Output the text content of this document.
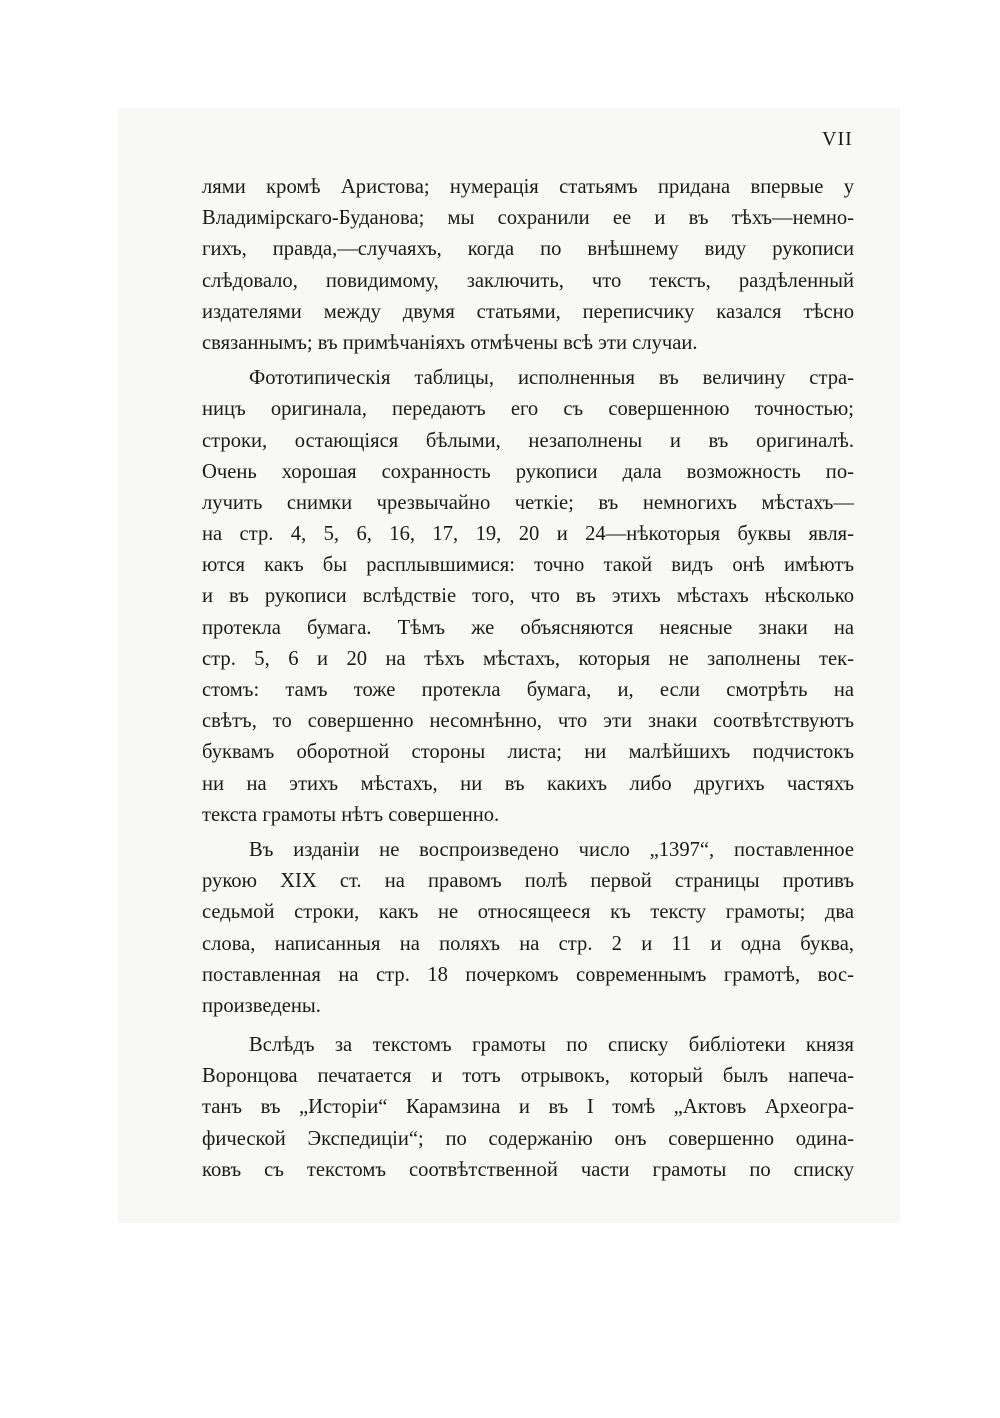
VII
лями кромѣ Аристова; нумерація статьямъ придана впервые у
Владимірскаго-Буданова; мы сохранили ее и въ тѣхъ—немно-
гихъ, правда,—случаяхъ, когда по внѣшнему виду рукописи
слѣдовало, повидимому, заключить, что текстъ, раздѣленный
издателями между двумя статьями, переписчику казался тѣсно
связаннымъ; въ примѣчаніяхъ отмѣчены всѣ эти случаи.
Фототипическія таблицы, исполненныя въ величину стра-
ницъ оригинала, передаютъ его съ совершенною точностью;
строки, остающіяся бѣлыми, незаполнены и въ оригиналѣ.
Очень хорошая сохранность рукописи дала возможность по-
лучить снимки чрезвычайно четкіе; въ немногихъ мѣстахъ—
на стр. 4, 5, 6, 16, 17, 19, 20 и 24—нѣкоторыя буквы явля-
ются какъ бы расплывшимися: точно такой видъ онѣ имѣютъ
и въ рукописи вслѣдствіе того, что въ этихъ мѣстахъ нѣсколько
протекла бумага. Тѣмъ же объясняются неясные знаки на
стр. 5, 6 и 20 на тѣхъ мѣстахъ, которыя не заполнены тек-
стомъ: тамъ тоже протекла бумага, и, если смотрѣть на
свѣтъ, то совершенно несомнѣнно, что эти знаки соотвѣтствуютъ
буквамъ оборотной стороны листа; ни малѣйшихъ подчистокъ
ни на этихъ мѣстахъ, ни въ какихъ либо другихъ частяхъ
текста грамоты нѣтъ совершенно.
Въ изданіи не воспроизведено число „1397“, поставленное
рукою XIX ст. на правомъ полѣ первой страницы противъ
седьмой строки, какъ не относящееся къ тексту грамоты; два
слова, написанныя на поляхъ на стр. 2 и 11 и одна буква,
поставленная на стр. 18 почеркомъ современнымъ грамотѣ, вос-
произведены.
Вслѣдъ за текстомъ грамоты по списку библіотеки князя
Воронцова печатается и тотъ отрывокъ, который былъ напеча-
танъ въ „Исторіи“ Карамзина и въ I томѣ „Актовъ Археогра-
фической Экспедиціи“; по содержанію онъ совершенно одина-
ковъ съ текстомъ соотвѣтственной части грамоты по списку
